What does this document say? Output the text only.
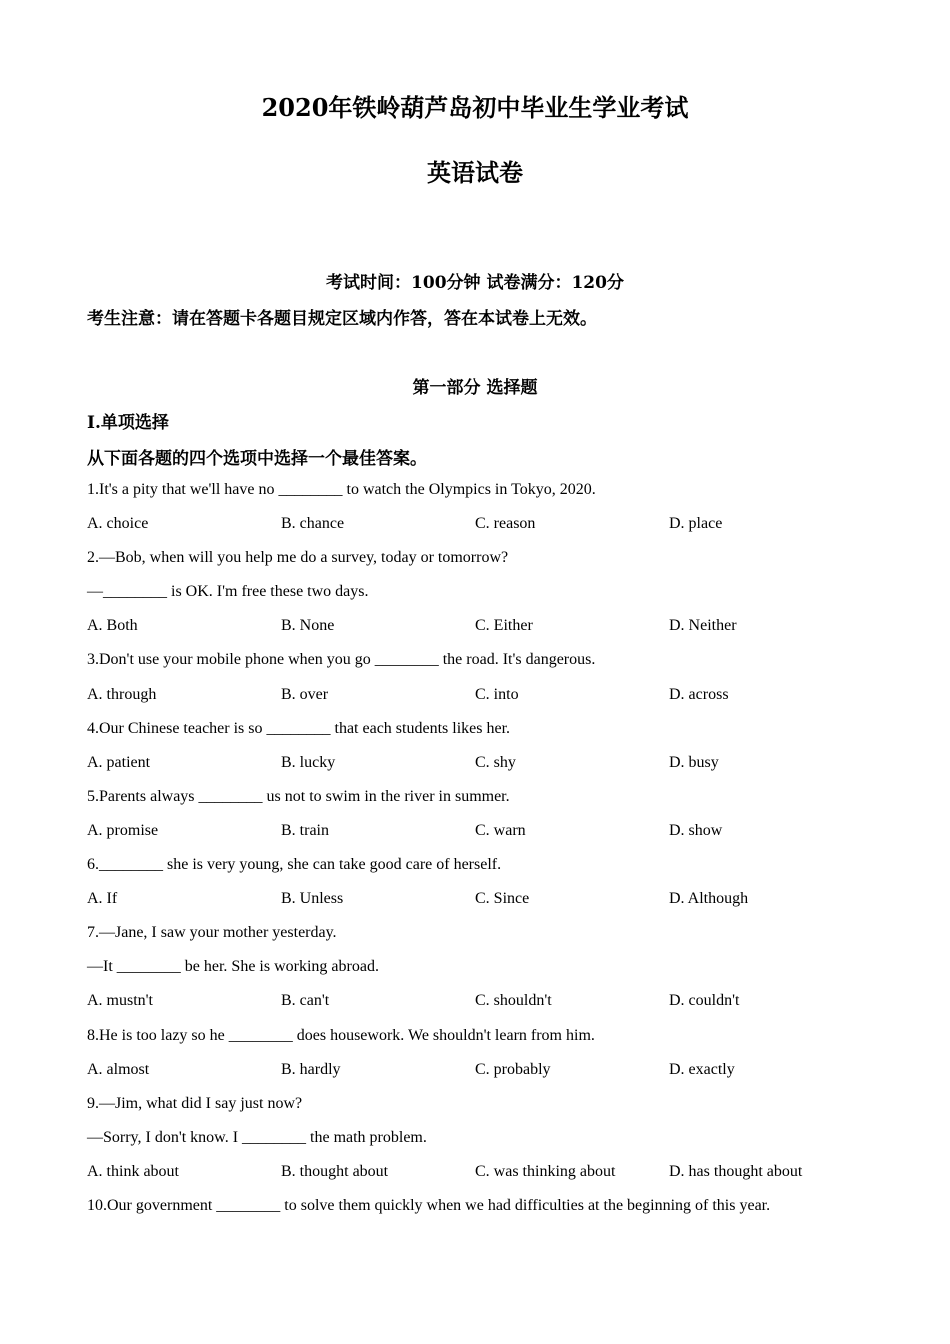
2020年铁岭葫芦岛初中毕业生学业考试
英语试卷
考试时间：100分钟 试卷满分：120分
考生注意：请在答题卡各题目规定区域内作答，答在本试卷上无效。
第一部分 选择题
I.单项选择
从下面各题的四个选项中选择一个最佳答案。
1.It's a pity that we'll have no ________ to watch the Olympics in Tokyo, 2020.
A. choice	B. chance	C. reason	D. place
2.—Bob, when will you help me do a survey, today or tomorrow?
—________ is OK. I'm free these two days.
A. Both	B. None	C. Either	D. Neither
3.Don't use your mobile phone when you go ________ the road. It's dangerous.
A. through	B. over	C. into	D. across
4.Our Chinese teacher is so ________ that each students likes her.
A. patient	B. lucky	C. shy	D. busy
5.Parents always ________ us not to swim in the river in summer.
A. promise	B. train	C. warn	D. show
6.________ she is very young, she can take good care of herself.
A. If	B. Unless	C. Since	D. Although
7.—Jane, I saw your mother yesterday.
—It ________ be her. She is working abroad.
A. mustn't	B. can't	C. shouldn't	D. couldn't
8.He is too lazy so he ________ does housework. We shouldn't learn from him.
A. almost	B. hardly	C. probably	D. exactly
9.—Jim, what did I say just now?
—Sorry, I don't know. I ________ the math problem.
A. think about	B. thought about	C. was thinking about	D. has thought about
10.Our government ________ to solve them quickly when we had difficulties at the beginning of this year.
